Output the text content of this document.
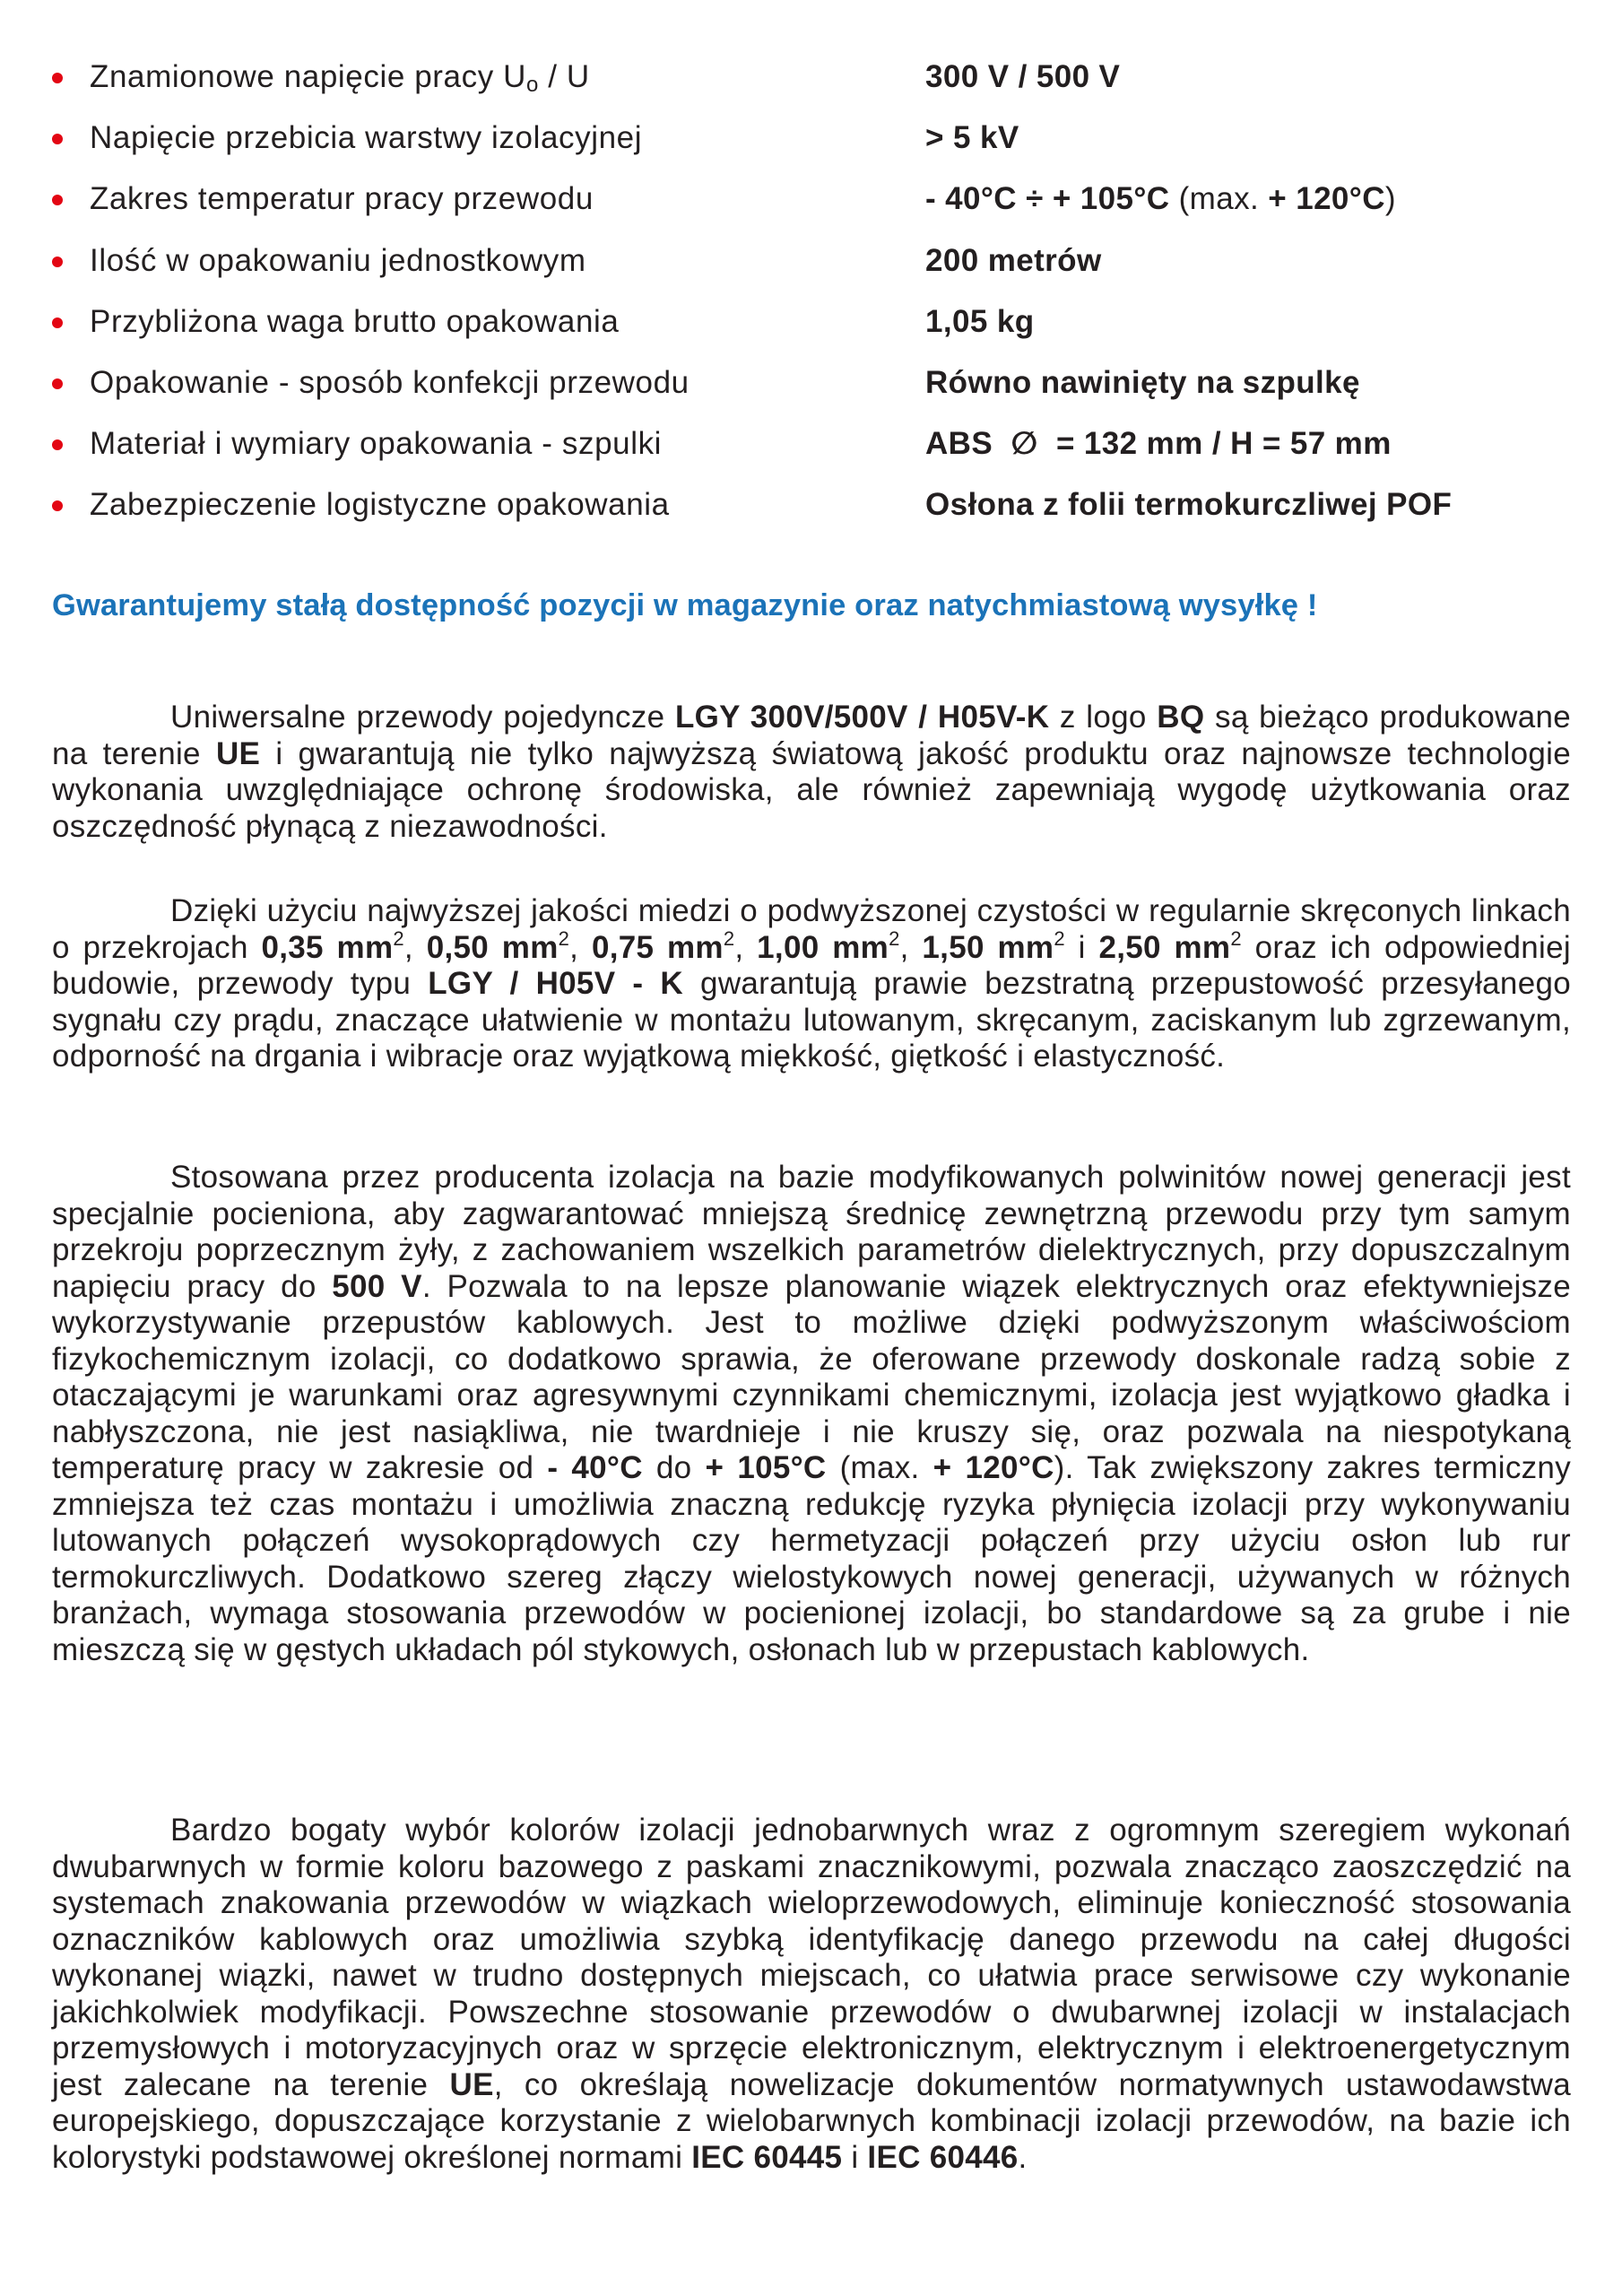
Znamionowe napięcie pracy $U_o$ / U	300 V / 500 V
Napięcie przebicia warstwy izolacyjnej	> 5 kV
Zakres temperatur pracy przewodu	- 40°C ÷ + 105°C (max. + 120°C)
Ilość w opakowaniu jednostkowym	200 metrów
Przybliżona waga brutto opakowania	1,05 kg
Opakowanie - sposób konfekcji przewodu	Równo nawinięty na szpulkę
Materiał i wymiary opakowania - szpulki	ABS  ∅  = 132 mm / H = 57 mm
Zabezpieczenie logistyczne opakowania	Osłona z folii termokurczliwej POF
Gwarantujemy stałą dostępność pozycji w magazynie oraz natychmiastową wysyłkę !

Uniwersalne przewody pojedyncze LGY 300V/500V / H05V-K z logo BQ są bieżąco produkowane na terenie UE i gwarantują nie tylko najwyższą światową jakość produktu oraz najnowsze technologie wykonania uwzględniające ochronę środowiska, ale również zapewniają wygodę użytkowania oraz oszczędność płynącą z niezawodności.

Dzięki użyciu najwyższej jakości miedzi o podwyższonej czystości w regularnie skręconych linkach o przekrojach 0,35 $mm^2$, 0,50 $mm^2$, 0,75 $mm^2$, 1,00 $mm^2$, 1,50 $mm^2$ i 2,50 $mm^2$ oraz ich odpowiedniej budowie, przewody typu LGY / H05V - K gwarantują prawie bezstratną przepustowość przesyłanego sygnału czy prądu, znaczące ułatwienie w montażu lutowanym, skręcanym, zaciskanym lub zgrzewanym, odporność na drgania i wibracje oraz wyjątkową miękkość, giętkość i elastyczność.

Stosowana przez producenta izolacja na bazie modyfikowanych polwinitów nowej generacji jest specjalnie pocieniona, aby zagwarantować mniejszą średnicę zewnętrzną przewodu przy tym samym przekroju poprzecznym żyły, z zachowaniem wszelkich parametrów dielektrycznych, przy dopuszczalnym napięciu pracy do 500 V. Pozwala to na lepsze planowanie wiązek elektrycznych oraz efektywniejsze wykorzystywanie przepustów kablowych. Jest to możliwe dzięki podwyższonym właściwościom fizykochemicznym izolacji, co dodatkowo sprawia, że oferowane przewody doskonale radzą sobie z otaczającymi je warunkami oraz agresywnymi czynnikami chemicznymi, izolacja jest wyjątkowo gładka i nabłyszczona, nie jest nasiąkliwa, nie twardnieje i nie kruszy się, oraz pozwala na niespotykaną temperaturę pracy w zakresie od - 40°C do + 105°C (max. + 120°C). Tak zwiększony zakres termiczny zmniejsza też czas montażu i umożliwia znaczną redukcję ryzyka płynięcia izolacji przy wykonywaniu lutowanych połączeń wysokoprądowych czy hermetyzacji połączeń przy użyciu osłon lub rur termokurczliwych. Dodatkowo szereg złączy wielostykowych nowej generacji, używanych w różnych branżach, wymaga stosowania przewodów w pocienionej izolacji, bo standardowe są za grube i nie mieszczą się w gęstych układach pól stykowych, osłonach lub w przepustach kablowych.

Bardzo bogaty wybór kolorów izolacji jednobarwnych wraz z ogromnym szeregiem wykonań dwubarwnych w formie koloru bazowego z paskami znacznikowymi, pozwala znacząco zaoszczędzić na systemach znakowania przewodów w wiązkach wieloprzewodowych, eliminuje konieczność stosowania oznaczników kablowych oraz umożliwia szybką identyfikację danego przewodu na całej długości wykonanej wiązki, nawet w trudno dostępnych miejscach, co ułatwia prace serwisowe czy wykonanie jakichkolwiek modyfikacji. Powszechne stosowanie przewodów o dwubarwnej izolacji w instalacjach przemysłowych i motoryzacyjnych oraz w sprzęcie elektronicznym, elektrycznym i elektroenergetycznym jest zalecane na terenie UE, co określają nowelizacje dokumentów normatywnych ustawodawstwa europejskiego, dopuszczające korzystanie z wielobarwnych kombinacji izolacji przewodów, na bazie ich kolorystyki podstawowej określonej normami IEC 60445 i IEC 60446.
